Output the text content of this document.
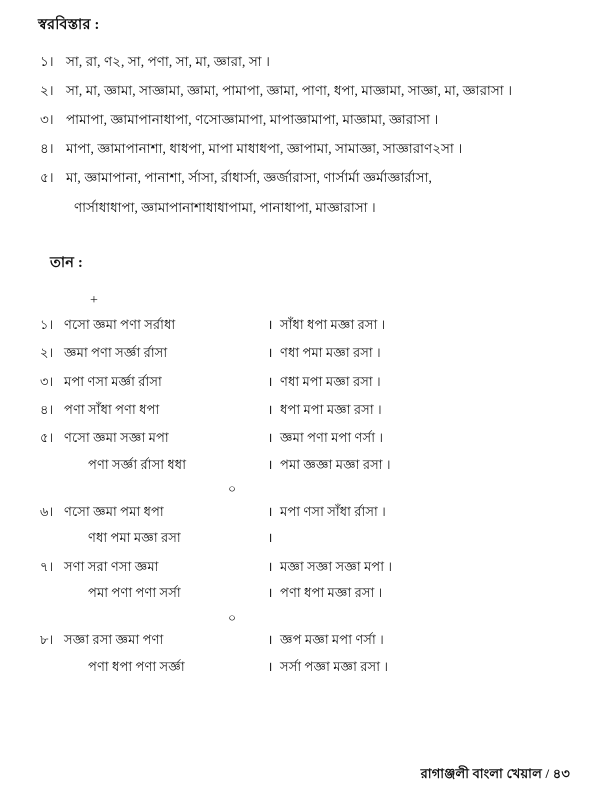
স্বরবিস্তার :
১। সা, রা, ণ২, সা, পণা, সা, মা, জ্ঞারা, সা ।
২। সা, মা, জ্ঞামা, সাজ্ঞামা, জ্ঞামা, পামাপা, জ্ঞামা, পাণা, ধপা, মাজ্ঞামা, সাজ্ঞা, মা, জ্ঞারাসা ।
৩। পামাপা, জ্ঞামাপানাধাপা, ণসোজ্ঞামাপা, মাপাজ্ঞামাপা, মাজ্ঞামা, জ্ঞারাসা ।
৪। মাপা, জ্ঞামাপানাশা, ধাধপা, মাপা মাধাধপা, জ্ঞাপামা, সামাজ্ঞা, সাজ্ঞারাণ২সা ।
৫। মা, জ্ঞামাপানা, পানাশা, র্সাসা, র্রাধার্সা, জ্ঞর্জারাসা, ণার্সার্মা জ্ঞর্মাজ্ঞার্রাসা,
ণার্সাধাধাপা, জ্ঞামাপানাশাধাধাপামা, পানাধাপা, মাজ্ঞারাসা ।
তান :
+
১। ণসো জ্ঞমা পণা সর্রাধা	। সাঁধা ধপা মজ্ঞা রসা ।
২। জ্ঞমা পণা সর্জ্ঞা র্রাসা	। ণধা পমা মজ্ঞা রসা ।
৩। মপা ণসা মর্জ্ঞা র্রাসা	। ণধা মপা মজ্ঞা রসা ।
৪। পণা সাঁধা পণা ধপা	। ধপা মপা মজ্ঞা রসা ।
৫। ণসো জ্ঞমা সজ্ঞা মপা	। জ্ঞমা পণা মপা ণর্সা ।
পণা সর্জ্ঞা র্রাসা ধধা	। পমা জ্ঞজ্ঞা মজ্ঞা রসা ।
০
৬। ণসো জ্ঞমা পমা ধপা	। মপা ণসা সাঁধা র্রাসা ।
ণধা পমা মজ্ঞা রসা	।
৭। সণা সরা ণসা জ্ঞমা	। মজ্ঞা সজ্ঞা সজ্ঞা মপা ।
পমা পণা পণা সর্সা	। পণা ধপা মজ্ঞা রসা ।
০
৮। সজ্ঞা রসা জ্ঞমা পণা	। জ্ঞপ মজ্ঞা মপা ণর্সা ।
পণা ধপা পণা সর্জ্ঞা	। সর্সা পজ্ঞা মজ্ঞা রসা ।
রাগাঞ্জলী বাংলা খেয়াল / ৪৩
